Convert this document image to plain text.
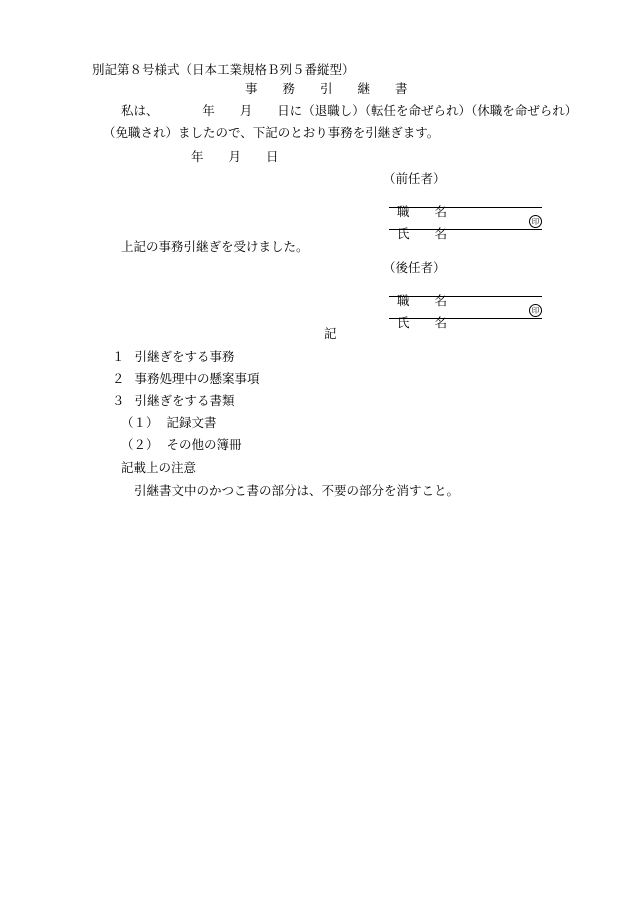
別記第８号様式（日本工業規格Ｂ列５番縦型）
事　　務　　引　　継　　書
私は、　　　　年　　月　　日に（退職し）（転任を命ぜられ）（休職を命ぜられ）
（免職され）ましたので、下記のとおり事務を引継ぎます。
年　　月　　日
（前任者）

職　　名

氏　　名

印
上記の事務引継ぎを受けました。
（後任者）

職　　名

氏　　名

印
記
１ 引継ぎをする事務
２ 事務処理中の懸案事項
３ 引継ぎをする書類
（１） 記録文書
（２） その他の簿冊
記載上の注意
引継書文中のかつこ書の部分は、不要の部分を消すこと。
